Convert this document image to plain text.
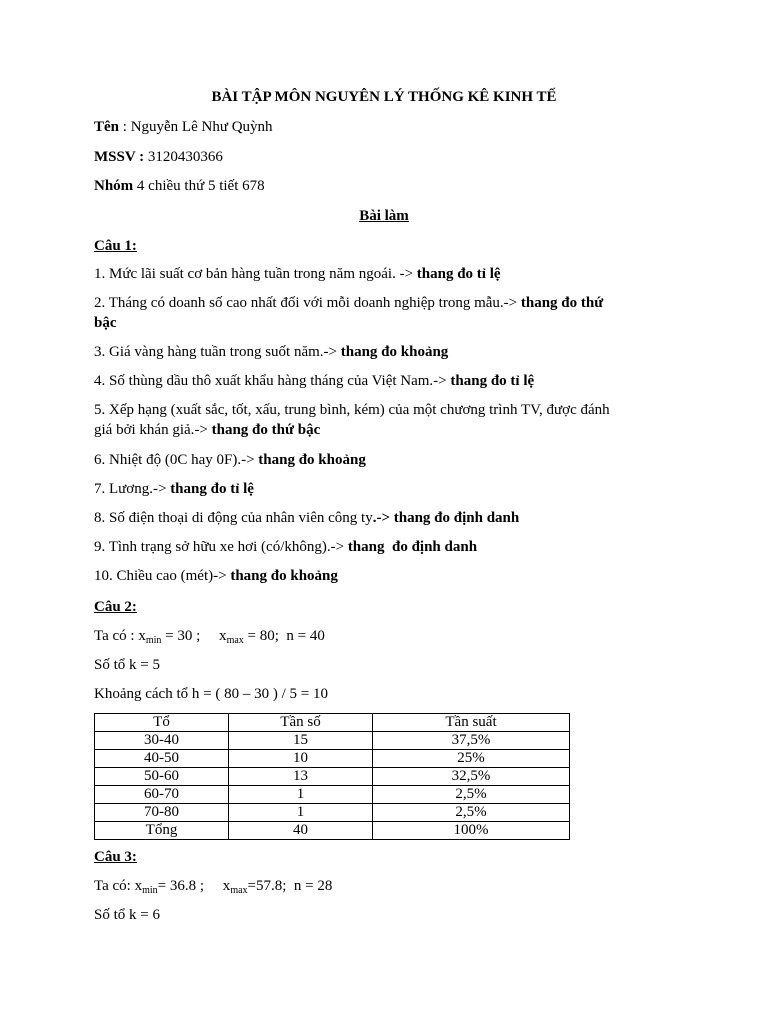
BÀI TẬP MÔN NGUYÊN LÝ THỐNG KÊ KINH TẾ
Tên : Nguyễn Lê Như Quỳnh
MSSV : 3120430366
Nhóm 4 chiều thứ 5 tiết 678
Bài làm
Câu 1:
1. Mức lãi suất cơ bản hàng tuần trong năm ngoái. -> thang đo tỉ lệ
2. Tháng có doanh số cao nhất đối với mỗi doanh nghiệp trong mẫu.-> thang đo thứ
bậc
3. Giá vàng hàng tuần trong suốt năm.-> thang đo khoảng
4. Số thùng dầu thô xuất khẩu hàng tháng của Việt Nam.-> thang đo tỉ lệ
5. Xếp hạng (xuất sắc, tốt, xấu, trung bình, kém) của một chương trình TV, được đánh
giá bởi khán giả.-> thang đo thứ bậc
6. Nhiệt độ (0C hay 0F).-> thang đo khoảng
7. Lương.-> thang đo tỉ lệ
8. Số điện thoại di động của nhân viên công ty.-> thang đo định danh
9. Tình trạng sở hữu xe hơi (có/không).-> thang  đo định danh
10. Chiều cao (mét)-> thang đo khoảng
Câu 2:
Ta có : $x_{min} = 30$ ;     $x_{max} = 80$;  n = 40
Số tổ k = 5
Khoảng cách tổ h = ( 80 – 30 ) / 5 = 10
Tổ	Tần số	Tần suất
30-40	15	37,5%
40-50	10	25%
50-60	13	32,5%
60-70	1	2,5%
70-80	1	2,5%
Tổng	40	100%
Câu 3:
Ta có: $x_{min}= 36.8$ ;     $x_{max}=57.8$;  n = 28
Số tổ k = 6
